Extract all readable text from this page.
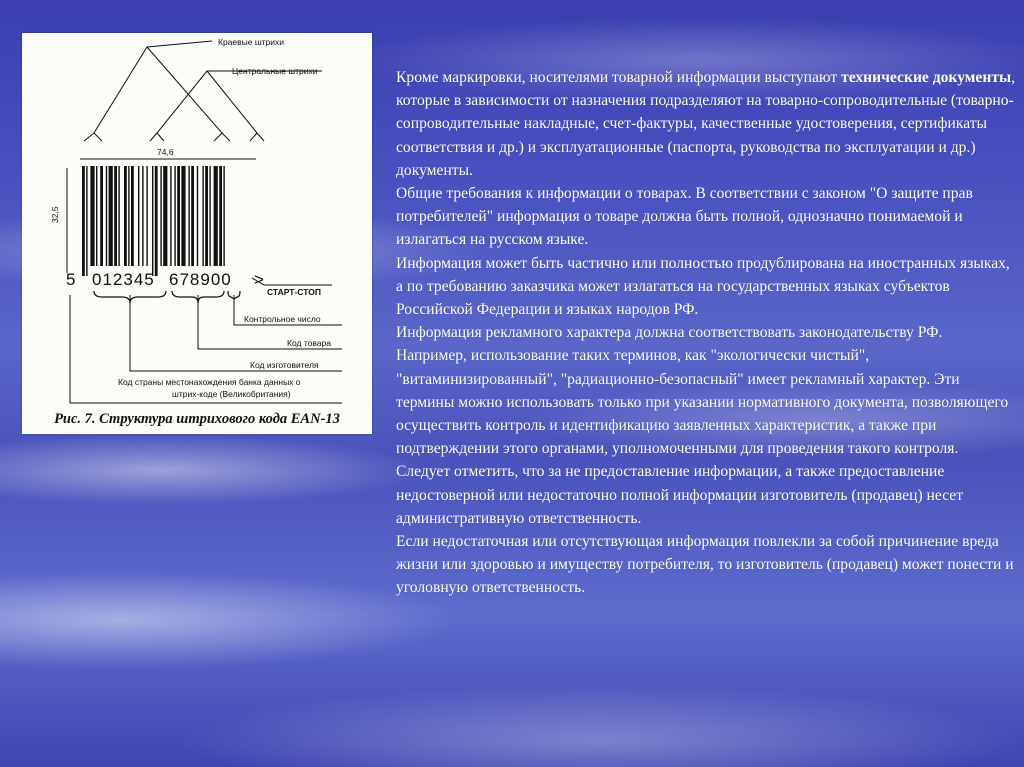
74,6
32,5
Краевые штрихи
Центральные штрихи
СТАРТ-СТОП
Контрольное число
Код товара
Код изготовителя
Код страны местонахождения банка данных о
штрих-коде (Великобритания)
5 012345 678900 >
Рис. 7. Структура штрихового кода EAN-13

Кроме маркировки, носителями товарной информации выступают технические документы, которые в зависимости от назначения подразделяют на товарно-сопроводительные (товарно-сопроводительные накладные, счет-фактуры, качественные удостоверения, сертификаты соответствия и др.) и эксплуатационные (паспорта, руководства по эксплуатации и др.) документы.

Общие требования к информации о товарах. В соответствии с законом "О защите прав потребителей" информация о товаре должна быть полной, однозначно понимаемой и излагаться на русском языке.

Информация может быть частично или полностью продублирована на иностранных языках, а по требованию заказчика может излагаться на государственных языках субъектов Российской Федерации и языках народов РФ.

Информация рекламного характера должна соответствовать законодательству РФ. Например, использование таких терминов, как "экологически чистый", "витаминизированный", "радиационно-безопасный" имеет рекламный характер. Эти термины можно использовать только при указании нормативного документа, позволяющего осуществить контроль и идентификацию заявленных характеристик, а также при подтверждении этого органами, уполномоченными для проведения такого контроля.

Следует отметить, что за не предоставление информации, а также предоставление недостоверной или недостаточно полной информации изготовитель (продавец) несет административную ответственность.

Если недостаточная или отсутствующая информация повлекли за собой причинение вреда жизни или здоровью и имуществу потребителя, то изготовитель (продавец) может понести и уголовную ответственность.
